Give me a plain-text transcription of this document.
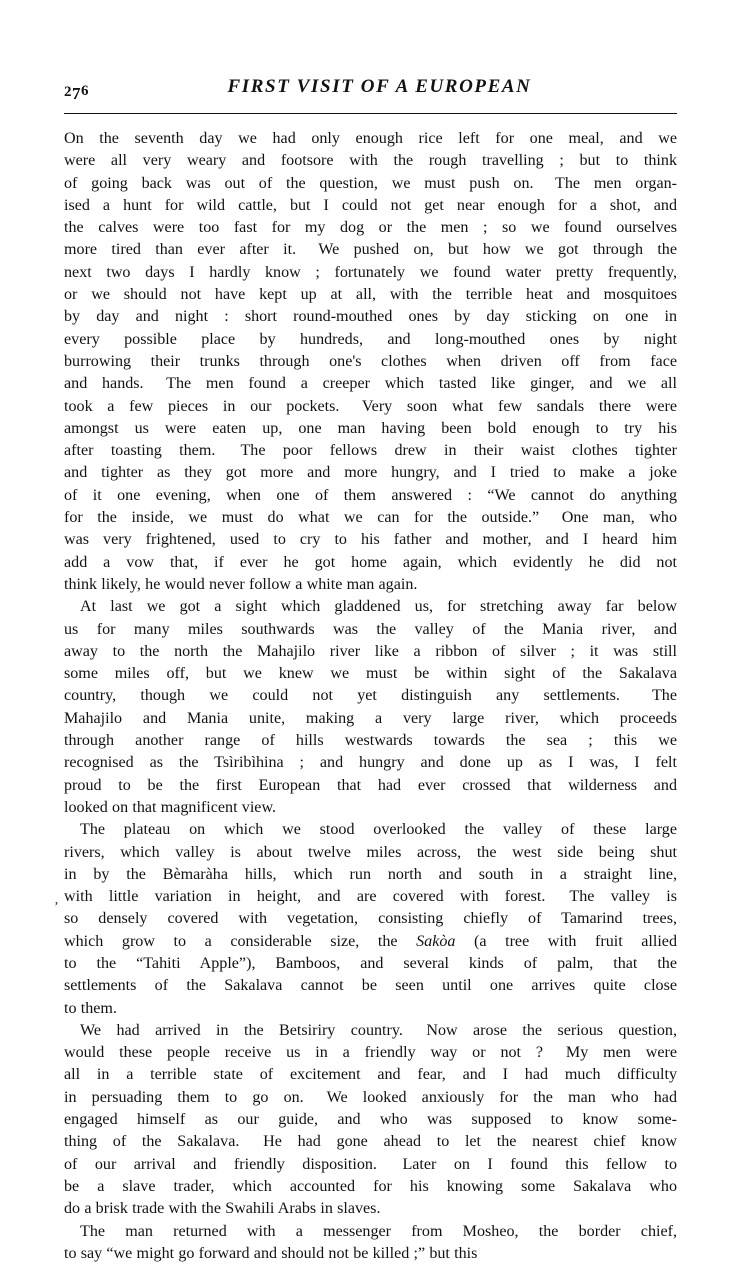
276	FIRST VISIT OF A EUROPEAN
’

On the seventh day we had only enough rice left for one meal, and we
were all very weary and footsore with the rough travelling ; but to think
of going back was out of the question, we must push on.  The men organ-
ised a hunt for wild cattle, but I could not get near enough for a shot, and
the calves were too fast for my dog or the men ; so we found ourselves
more tired than ever after it.  We pushed on, but how we got through the
next two days I hardly know ; fortunately we found water pretty frequently,
or we should not have kept up at all, with the terrible heat and mosquitoes
by day and night : short round-mouthed ones by day sticking on one in
every possible place by hundreds, and long-mouthed ones by night
burrowing their trunks through one's clothes when driven off from face
and hands.  The men found a creeper which tasted like ginger, and we all
took a few pieces in our pockets.  Very soon what few sandals there were
amongst us were eaten up, one man having been bold enough to try his
after toasting them.  The poor fellows drew in their waist clothes tighter
and tighter as they got more and more hungry, and I tried to make a joke
of it one evening, when one of them answered : “We cannot do anything
for the inside, we must do what we can for the outside.”  One man, who
was very frightened, used to cry to his father and mother, and I heard him
add a vow that, if ever he got home again, which evidently he did not
think likely, he would never follow a white man again.

At last we got a sight which gladdened us, for stretching away far below
us for many miles southwards was the valley of the Mania river, and
away to the north the Mahajilo river like a ribbon of silver ; it was still
some miles off, but we knew we must be within sight of the Sakalava
country, though we could not yet distinguish any settlements.  The
Mahajilo and Mania unite, making a very large river, which proceeds
through another range of hills westwards towards the sea ; this we
recognised as the Tsìribìhina ; and hungry and done up as I was, I felt
proud to be the first European that had ever crossed that wilderness and
looked on that magnificent view.

The plateau on which we stood overlooked the valley of these large
rivers, which valley is about twelve miles across, the west side being shut
in by the Bèmaràha hills, which run north and south in a straight line,
with little variation in height, and are covered with forest.  The valley is
so densely covered with vegetation, consisting chiefly of Tamarind trees,
which grow to a considerable size, the Sakòa (a tree with fruit allied
to the “Tahiti Apple”), Bamboos, and several kinds of palm, that the
settlements of the Sakalava cannot be seen until one arrives quite close
to them.

We had arrived in the Betsiriry country.  Now arose the serious question,
would these people receive us in a friendly way or not ?  My men were
all in a terrible state of excitement and fear, and I had much difficulty
in persuading them to go on.  We looked anxiously for the man who had
engaged himself as our guide, and who was supposed to know some-
thing of the Sakalava.  He had gone ahead to let the nearest chief know
of our arrival and friendly disposition.  Later on I found this fellow to
be a slave trader, which accounted for his knowing some Sakalava who
do a brisk trade with the Swahili Arabs in slaves.

The man returned with a messenger from Mosheo, the border chief,
to say “we might go forward and should not be killed ;” but this
